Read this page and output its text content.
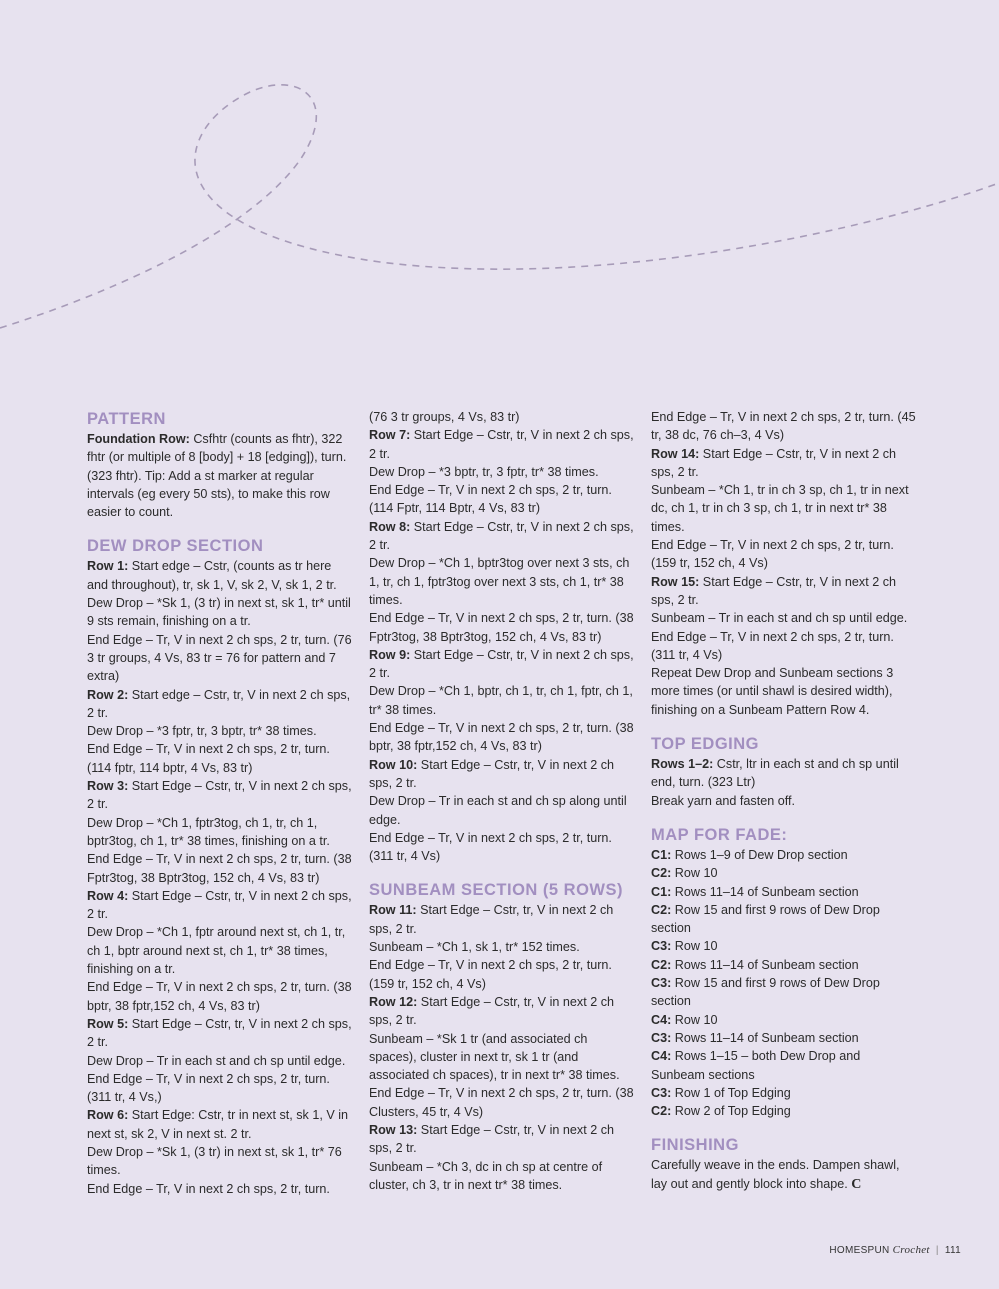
PATTERN

Foundation Row: Csfhtr (counts as fhtr), 322 fhtr (or multiple of 8 [body] + 18 [edging]), turn. (323 fhtr). Tip: Add a st marker at regular intervals (eg every 50 sts), to make this row easier to count.

DEW DROP SECTION

Row 1: Start edge – Cstr, (counts as tr here and throughout), tr, sk 1, V, sk 2, V, sk 1, 2 tr.

Dew Drop – *Sk 1, (3 tr) in next st, sk 1, tr* until 9 sts remain, finishing on a tr.

End Edge – Tr, V in next 2 ch sps, 2 tr, turn. (76 3 tr groups, 4 Vs, 83 tr = 76 for pattern and 7 extra)

Row 2: Start edge – Cstr, tr, V in next 2 ch sps, 2 tr.

Dew Drop – *3 fptr, tr, 3 bptr, tr* 38 times.

End Edge – Tr, V in next 2 ch sps, 2 tr, turn. (114 fptr, 114 bptr, 4 Vs, 83 tr)

Row 3: Start Edge – Cstr, tr, V in next 2 ch sps, 2 tr.

Dew Drop – *Ch 1, fptr3tog, ch 1, tr, ch 1, bptr3tog, ch 1, tr* 38 times, finishing on a tr.

End Edge – Tr, V in next 2 ch sps, 2 tr, turn. (38 Fptr3tog, 38 Bptr3tog, 152 ch, 4 Vs, 83 tr)

Row 4: Start Edge – Cstr, tr, V in next 2 ch sps, 2 tr.

Dew Drop – *Ch 1, fptr around next st, ch 1, tr, ch 1, bptr around next st, ch 1, tr* 38 times, finishing on a tr.

End Edge – Tr, V in next 2 ch sps, 2 tr, turn. (38 bptr, 38 fptr,152 ch, 4 Vs, 83 tr)

Row 5: Start Edge – Cstr, tr, V in next 2 ch sps, 2 tr.

Dew Drop – Tr in each st and ch sp until edge.

End Edge – Tr, V in next 2 ch sps, 2 tr, turn. (311 tr, 4 Vs,)

Row 6: Start Edge: Cstr, tr in next st, sk 1, V in next st, sk 2, V in next st. 2 tr.

Dew Drop – *Sk 1, (3 tr) in next st, sk 1, tr* 76 times.

End Edge – Tr, V in next 2 ch sps, 2 tr, turn.

(76 3 tr groups, 4 Vs, 83 tr)

Row 7: Start Edge – Cstr, tr, V in next 2 ch sps, 2 tr.

Dew Drop – *3 bptr, tr, 3 fptr, tr* 38 times.

End Edge – Tr, V in next 2 ch sps, 2 tr, turn. (114 Fptr, 114 Bptr, 4 Vs, 83 tr)

Row 8: Start Edge – Cstr, tr, V in next 2 ch sps, 2 tr.

Dew Drop – *Ch 1, bptr3tog over next 3 sts, ch 1, tr, ch 1, fptr3tog over next 3 sts, ch 1, tr* 38 times.

End Edge – Tr, V in next 2 ch sps, 2 tr, turn. (38 Fptr3tog, 38 Bptr3tog, 152 ch, 4 Vs, 83 tr)

Row 9: Start Edge – Cstr, tr, V in next 2 ch sps, 2 tr.

Dew Drop – *Ch 1, bptr, ch 1, tr, ch 1, fptr, ch 1, tr* 38 times.

End Edge – Tr, V in next 2 ch sps, 2 tr, turn. (38 bptr, 38 fptr,152 ch, 4 Vs, 83 tr)

Row 10: Start Edge – Cstr, tr, V in next 2 ch sps, 2 tr.

Dew Drop – Tr in each st and ch sp along until edge.

End Edge – Tr, V in next 2 ch sps, 2 tr, turn. (311 tr, 4 Vs)

SUNBEAM SECTION (5 ROWS)

Row 11: Start Edge – Cstr, tr, V in next 2 ch sps, 2 tr.

Sunbeam – *Ch 1, sk 1, tr* 152 times.

End Edge – Tr, V in next 2 ch sps, 2 tr, turn. (159 tr, 152 ch, 4 Vs)

Row 12: Start Edge – Cstr, tr, V in next 2 ch sps, 2 tr.

Sunbeam – *Sk 1 tr (and associated ch spaces), cluster in next tr, sk 1 tr (and associated ch spaces), tr in next tr* 38 times.

End Edge – Tr, V in next 2 ch sps, 2 tr, turn. (38 Clusters, 45 tr, 4 Vs)

Row 13: Start Edge – Cstr, tr, V in next 2 ch sps, 2 tr.

Sunbeam – *Ch 3, dc in ch sp at centre of cluster, ch 3, tr in next tr* 38 times.

End Edge – Tr, V in next 2 ch sps, 2 tr, turn. (45 tr, 38 dc, 76 ch–3, 4 Vs)

Row 14: Start Edge – Cstr, tr, V in next 2 ch sps, 2 tr.

Sunbeam – *Ch 1, tr in ch 3 sp, ch 1, tr in next dc, ch 1, tr in ch 3 sp, ch 1, tr in next tr* 38 times.

End Edge – Tr, V in next 2 ch sps, 2 tr, turn. (159 tr, 152 ch, 4 Vs)

Row 15: Start Edge – Cstr, tr, V in next 2 ch sps, 2 tr.

Sunbeam – Tr in each st and ch sp until edge.

End Edge – Tr, V in next 2 ch sps, 2 tr, turn. (311 tr, 4 Vs)

Repeat Dew Drop and Sunbeam sections 3 more times (or until shawl is desired width), finishing on a Sunbeam Pattern Row 4.

TOP EDGING

Rows 1–2: Cstr, ltr in each st and ch sp until end, turn. (323 Ltr)

Break yarn and fasten off.

MAP FOR FADE:

C1: Rows 1–9 of Dew Drop section

C2: Row 10

C1: Rows 11–14 of Sunbeam section

C2: Row 15 and first 9 rows of Dew Drop section

C3: Row 10

C2: Rows 11–14 of Sunbeam section

C3: Row 15 and first 9 rows of Dew Drop section

C4: Row 10

C3: Rows 11–14 of Sunbeam section

C4: Rows 1–15 – both Dew Drop and Sunbeam sections

C3: Row 1 of Top Edging

C2: Row 2 of Top Edging

FINISHING

Carefully weave in the ends. Dampen shawl, lay out and gently block into shape. C

HOMESPUN Crochet | 111
